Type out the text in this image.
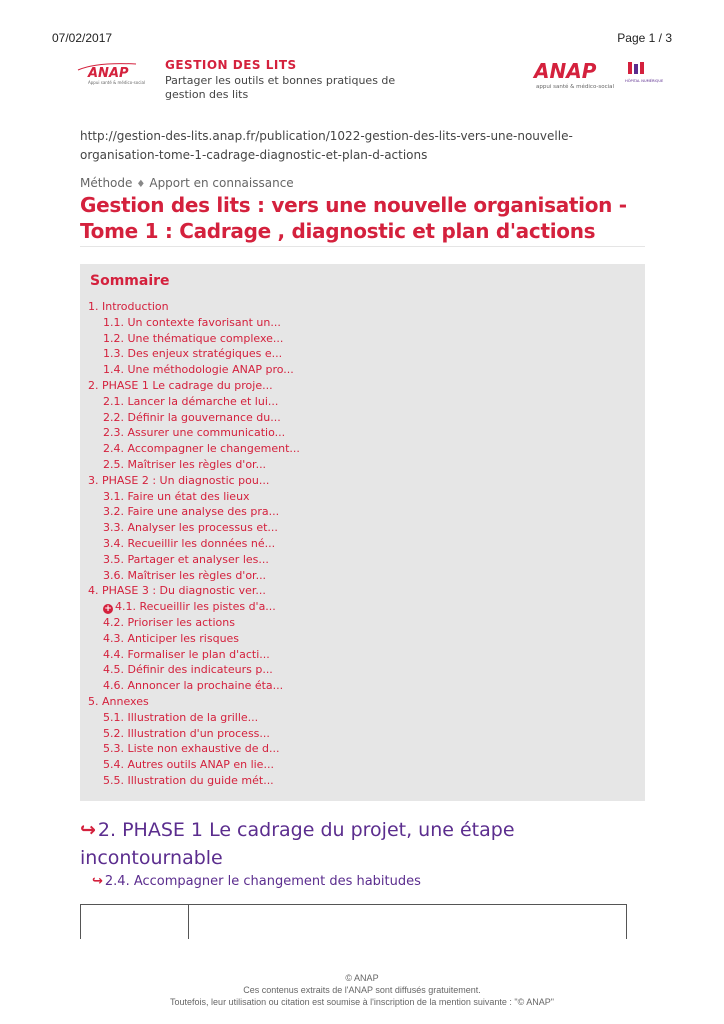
07/02/2017	Page 1 / 3
ANAP
Appui santé & médico-social
GESTION DES LITS
Partager les outils et bonnes pratiques de gestion des lits
ANAP
appui santé & médico-social
HÔPITAL NUMÉRIQUE
http://gestion-des-lits.anap.fr/publication/1022-gestion-des-lits-vers-une-nouvelle-organisation-tome-1-cadrage-diagnostic-et-plan-d-actions
Méthode ♦ Apport en connaissance
Gestion des lits : vers une nouvelle organisation - Tome 1 : Cadrage , diagnostic et plan d'actions
Sommaire
1. Introduction
1.1. Un contexte favorisant un...
1.2. Une thématique complexe...
1.3. Des enjeux stratégiques e...
1.4. Une méthodologie ANAP pro...
2. PHASE 1 Le cadrage du proje...
2.1. Lancer la démarche et lui...
2.2. Définir la gouvernance du...
2.3. Assurer une communicatio...
2.4. Accompagner le changement...
2.5. Maîtriser les règles d'or...
3. PHASE 2 : Un diagnostic pou...
3.1. Faire un état des lieux
3.2. Faire une analyse des pra...
3.3. Analyser les processus et...
3.4. Recueillir les données né...
3.5. Partager et analyser les...
3.6. Maîtriser les règles d'or...
4. PHASE 3 : Du diagnostic ver...
+ 4.1. Recueillir les pistes d'a...
4.2. Prioriser les actions
4.3. Anticiper les risques
4.4. Formaliser le plan d'acti...
4.5. Définir des indicateurs p...
4.6. Annoncer la prochaine éta...
5. Annexes
5.1. Illustration de la grille...
5.2. Illustration d'un process...
5.3. Liste non exhaustive de d...
5.4. Autres outils ANAP en lie...
5.5. Illustration du guide mét...
↪ 2. PHASE 1 Le cadrage du projet, une étape incontournable
↪ 2.4. Accompagner le changement des habitudes
© ANAP
Ces contenus extraits de l'ANAP sont diffusés gratuitement.
Toutefois, leur utilisation ou citation est soumise à l'inscription de la mention suivante : "© ANAP"
